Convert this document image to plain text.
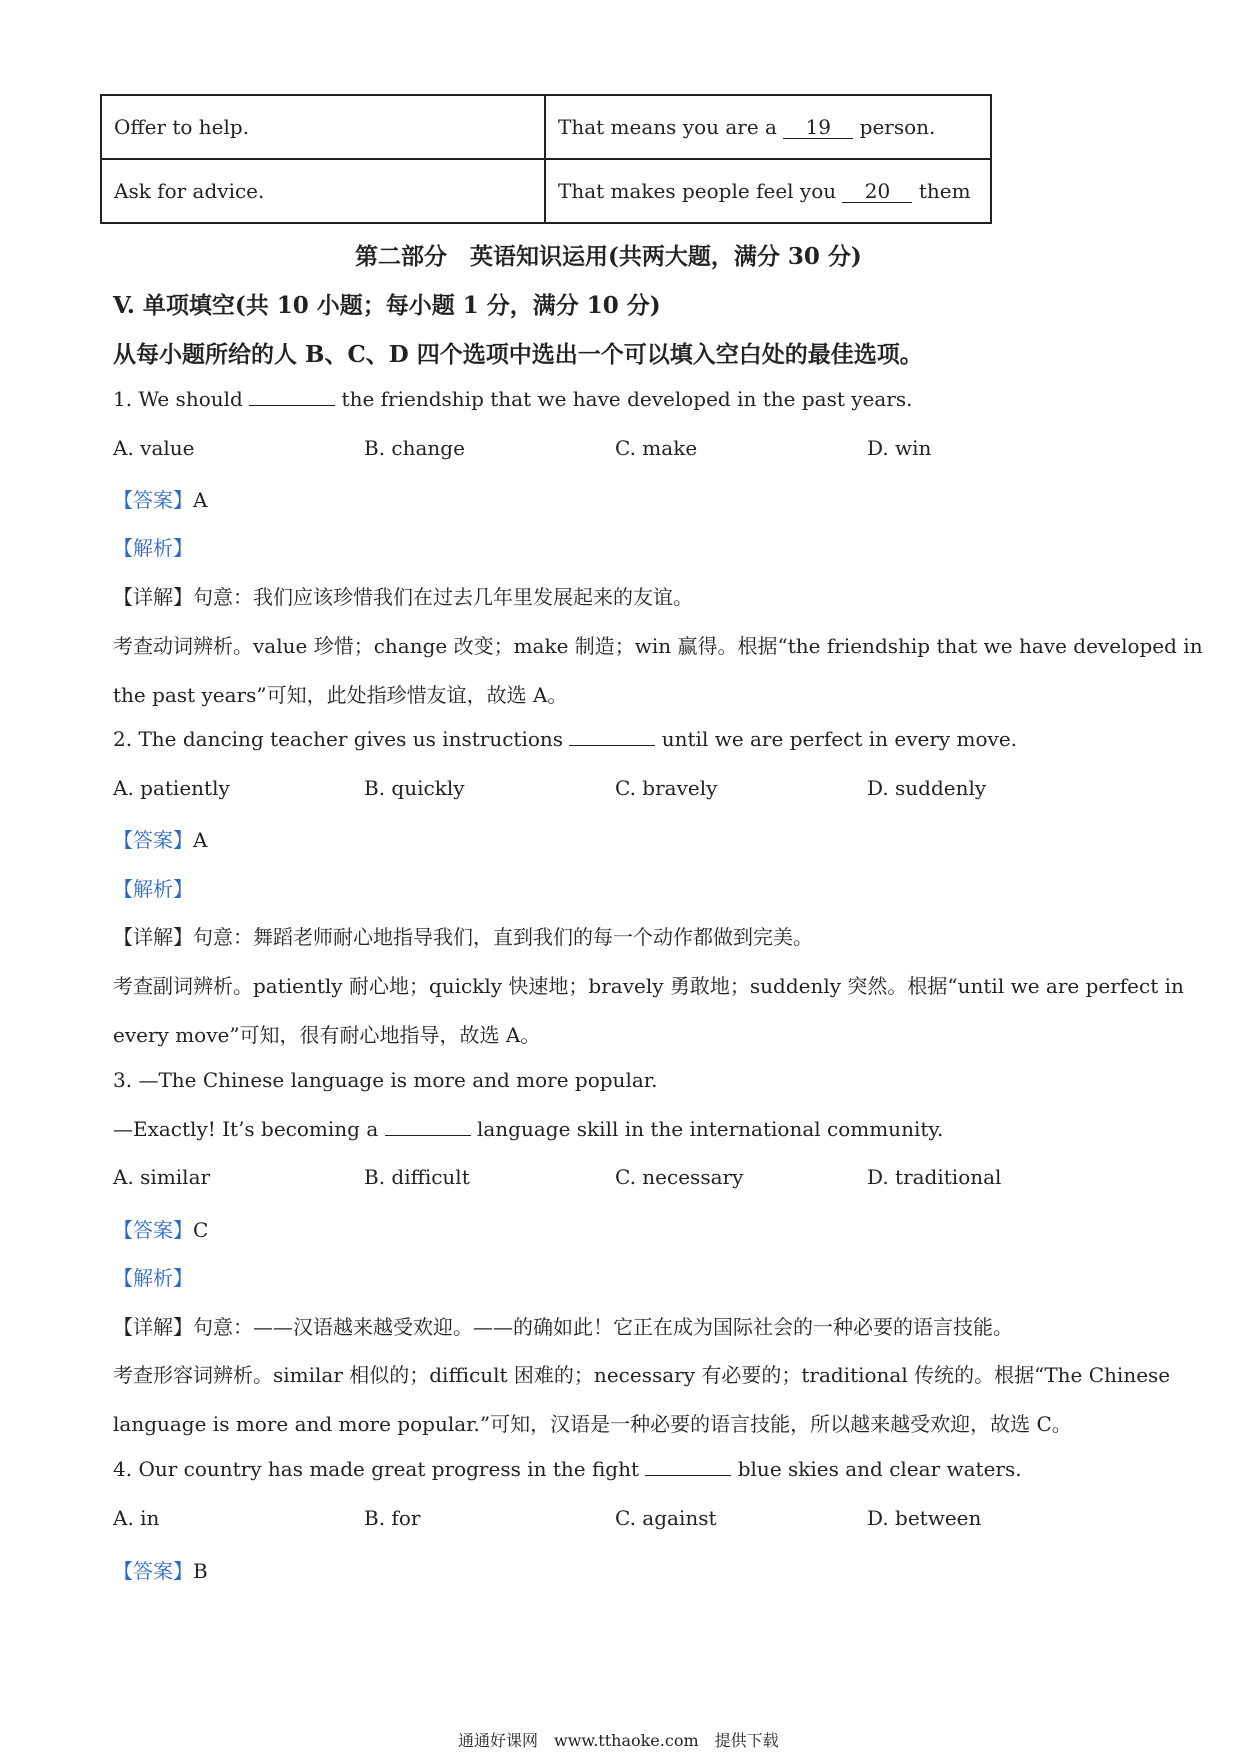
Offer to help.	That means you are a 19 person.
Ask for advice.	That makes people feel you 20 them
第二部分　英语知识运用(共两大题，满分 30 分)
V. 单项填空(共 10 小题；每小题 1 分，满分 10 分)
从每小题所给的人 B、C、D 四个选项中选出一个可以填入空白处的最佳选项。
1. We should	the friendship that we have developed in the past years.
A. value	B. change	C. make	D. win
【答案】A
【解析】
【详解】句意：我们应该珍惜我们在过去几年里发展起来的友谊。
考查动词辨析。value 珍惜；change 改变；make 制造；win 赢得。根据“the friendship that we have developed in
the past years”可知，此处指珍惜友谊，故选 A。
2. The dancing teacher gives us instructions	until we are perfect in every move.
A. patiently	B. quickly	C. bravely	D. suddenly
【答案】A
【解析】
【详解】句意：舞蹈老师耐心地指导我们，直到我们的每一个动作都做到完美。
考查副词辨析。patiently 耐心地；quickly 快速地；bravely 勇敢地；suddenly 突然。根据“until we are perfect in
every move”可知，很有耐心地指导，故选 A。
3. —The Chinese language is more and more popular.
—Exactly! It’s becoming a	language skill in the international community.
A. similar	B. difficult	C. necessary	D. traditional
【答案】C
【解析】
【详解】句意：——汉语越来越受欢迎。——的确如此！它正在成为国际社会的一种必要的语言技能。
考查形容词辨析。similar 相似的；difficult 困难的；necessary 有必要的；traditional 传统的。根据“The Chinese
language is more and more popular.”可知，汉语是一种必要的语言技能，所以越来越受欢迎，故选 C。
4. Our country has made great progress in the fight	blue skies and clear waters.
A. in	B. for	C. against	D. between
【答案】B
通通好课网　www.tthaoke.com　提供下载
